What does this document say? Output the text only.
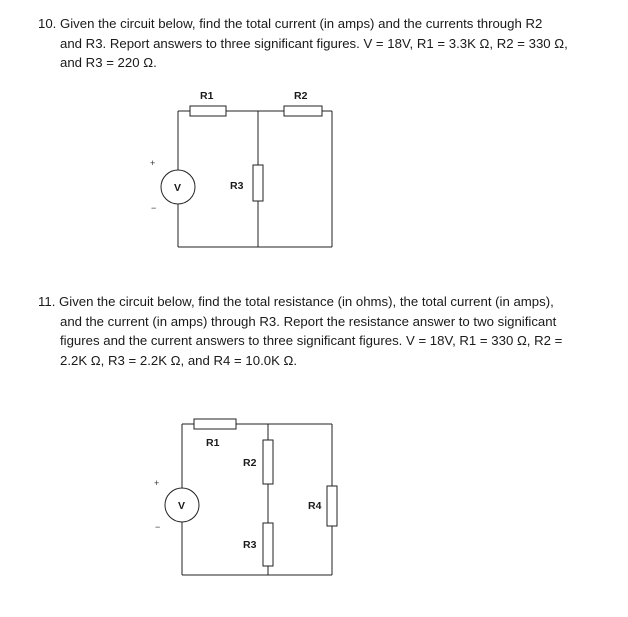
10. Given the circuit below, find the total current (in amps) and the currents through R2
and R3. Report answers to three significant figures. V = 18V, R1 = 3.3K Ω, R2 = 330 Ω,
and R3 = 220 Ω.
11. Given the circuit below, find the total resistance (in ohms), the total current (in amps),
and the current (in amps) through R3. Report the resistance answer to two significant
figures and the current answers to three significant figures. V = 18V, R1 = 330 Ω, R2 =
2.2K Ω, R3 = 2.2K Ω, and R4 = 10.0K Ω.
R1	R2
R3
V
+
−
R1
R2
R3
R4
V
+
−
